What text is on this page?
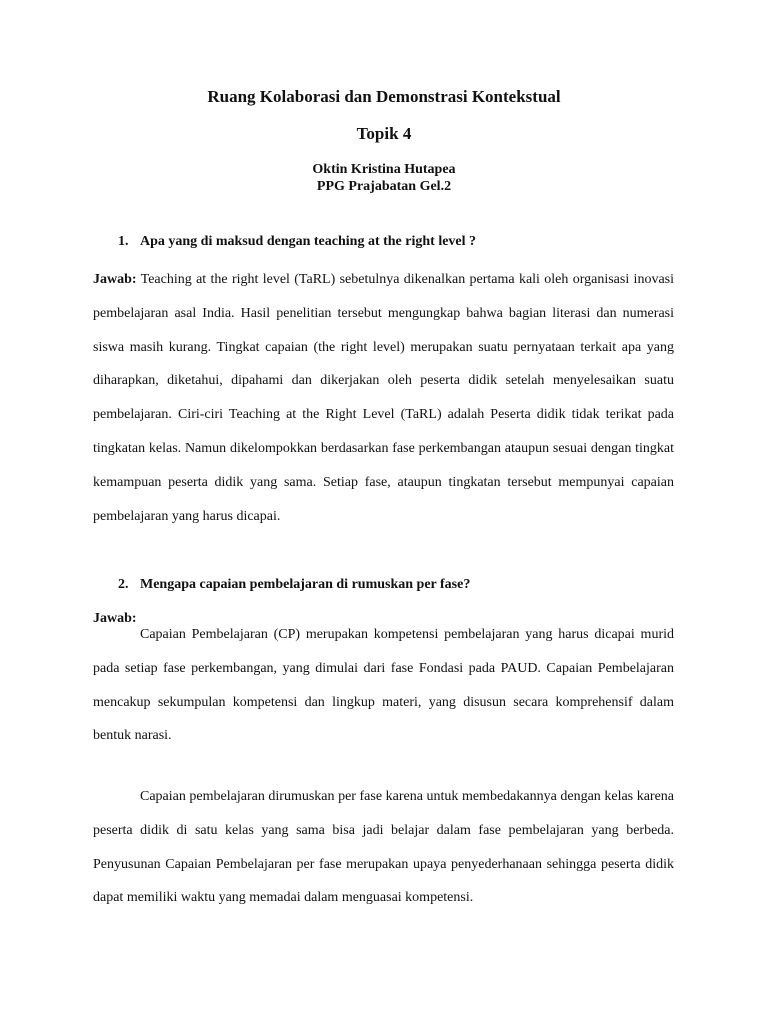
Ruang Kolaborasi dan Demonstrasi Kontekstual

Topik 4

Oktin Kristina Hutapea

PPG Prajabatan Gel.2

1. Apa yang di maksud dengan teaching at the right level ?

Jawab: Teaching at the right level (TaRL) sebetulnya dikenalkan pertama kali oleh organisasi inovasi pembelajaran asal India. Hasil penelitian tersebut mengungkap bahwa bagian literasi dan numerasi siswa masih kurang. Tingkat capaian (the right level) merupakan suatu pernyataan terkait apa yang diharapkan, diketahui, dipahami dan dikerjakan oleh peserta didik setelah menyelesaikan suatu pembelajaran. Ciri-ciri Teaching at the Right Level (TaRL) adalah Peserta didik tidak terikat pada tingkatan kelas. Namun dikelompokkan berdasarkan fase perkembangan ataupun sesuai dengan tingkat kemampuan peserta didik yang sama. Setiap fase, ataupun tingkatan tersebut mempunyai capaian pembelajaran yang harus dicapai.

2. Mengapa capaian pembelajaran di rumuskan per fase?

Jawab:

Capaian Pembelajaran (CP) merupakan kompetensi pembelajaran yang harus dicapai murid pada setiap fase perkembangan, yang dimulai dari fase Fondasi pada PAUD. Capaian Pembelajaran mencakup sekumpulan kompetensi dan lingkup materi, yang disusun secara komprehensif dalam bentuk narasi.

Capaian pembelajaran dirumuskan per fase karena untuk membedakannya dengan kelas karena peserta didik di satu kelas yang sama bisa jadi belajar dalam fase pembelajaran yang berbeda. Penyusunan Capaian Pembelajaran per fase merupakan upaya penyederhanaan sehingga peserta didik dapat memiliki waktu yang memadai dalam menguasai kompetensi.
